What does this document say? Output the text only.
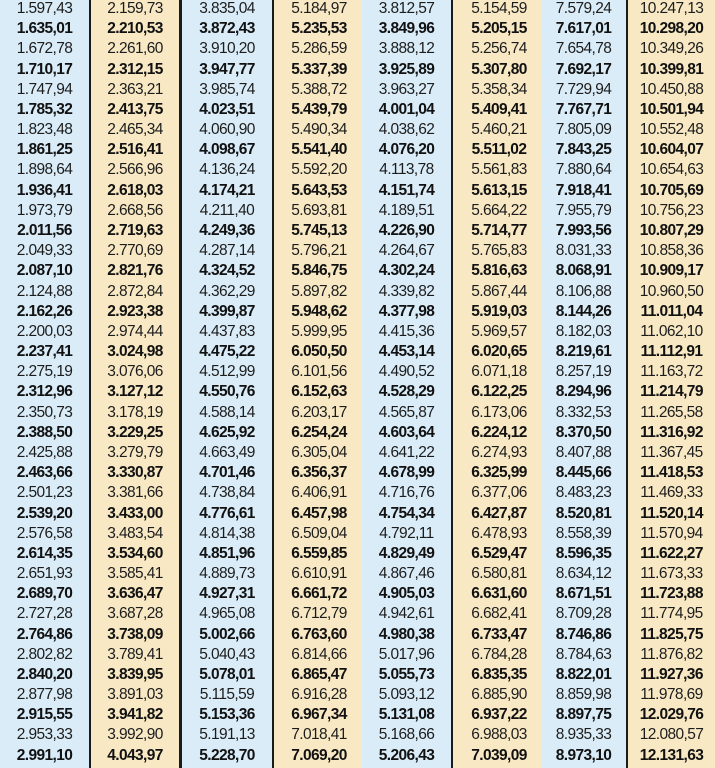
1.597,43
1.635,01
1.672,78
1.710,17
1.747,94
1.785,32
1.823,48
1.861,25
1.898,64
1.936,41
1.973,79
2.011,56
2.049,33
2.087,10
2.124,88
2.162,26
2.200,03
2.237,41
2.275,19
2.312,96
2.350,73
2.388,50
2.425,88
2.463,66
2.501,23
2.539,20
2.576,58
2.614,35
2.651,93
2.689,70
2.727,28
2.764,86
2.802,82
2.840,20
2.877,98
2.915,55
2.953,33
2.991,10
2.159,73
2.210,53
2.261,60
2.312,15
2.363,21
2.413,75
2.465,34
2.516,41
2.566,96
2.618,03
2.668,56
2.719,63
2.770,69
2.821,76
2.872,84
2.923,38
2.974,44
3.024,98
3.076,06
3.127,12
3.178,19
3.229,25
3.279,79
3.330,87
3.381,66
3.433,00
3.483,54
3.534,60
3.585,41
3.636,47
3.687,28
3.738,09
3.789,41
3.839,95
3.891,03
3.941,82
3.992,90
4.043,97
3.835,04
3.872,43
3.910,20
3.947,77
3.985,74
4.023,51
4.060,90
4.098,67
4.136,24
4.174,21
4.211,40
4.249,36
4.287,14
4.324,52
4.362,29
4.399,87
4.437,83
4.475,22
4.512,99
4.550,76
4.588,14
4.625,92
4.663,49
4.701,46
4.738,84
4.776,61
4.814,38
4.851,96
4.889,73
4.927,31
4.965,08
5.002,66
5.040,43
5.078,01
5.115,59
5.153,36
5.191,13
5.228,70
5.184,97
5.235,53
5.286,59
5.337,39
5.388,72
5.439,79
5.490,34
5.541,40
5.592,20
5.643,53
5.693,81
5.745,13
5.796,21
5.846,75
5.897,82
5.948,62
5.999,95
6.050,50
6.101,56
6.152,63
6.203,17
6.254,24
6.305,04
6.356,37
6.406,91
6.457,98
6.509,04
6.559,85
6.610,91
6.661,72
6.712,79
6.763,60
6.814,66
6.865,47
6.916,28
6.967,34
7.018,41
7.069,20
3.812,57
3.849,96
3.888,12
3.925,89
3.963,27
4.001,04
4.038,62
4.076,20
4.113,78
4.151,74
4.189,51
4.226,90
4.264,67
4.302,24
4.339,82
4.377,98
4.415,36
4.453,14
4.490,52
4.528,29
4.565,87
4.603,64
4.641,22
4.678,99
4.716,76
4.754,34
4.792,11
4.829,49
4.867,46
4.905,03
4.942,61
4.980,38
5.017,96
5.055,73
5.093,12
5.131,08
5.168,66
5.206,43
5.154,59
5.205,15
5.256,74
5.307,80
5.358,34
5.409,41
5.460,21
5.511,02
5.561,83
5.613,15
5.664,22
5.714,77
5.765,83
5.816,63
5.867,44
5.919,03
5.969,57
6.020,65
6.071,18
6.122,25
6.173,06
6.224,12
6.274,93
6.325,99
6.377,06
6.427,87
6.478,93
6.529,47
6.580,81
6.631,60
6.682,41
6.733,47
6.784,28
6.835,35
6.885,90
6.937,22
6.988,03
7.039,09
7.579,24
7.617,01
7.654,78
7.692,17
7.729,94
7.767,71
7.805,09
7.843,25
7.880,64
7.918,41
7.955,79
7.993,56
8.031,33
8.068,91
8.106,88
8.144,26
8.182,03
8.219,61
8.257,19
8.294,96
8.332,53
8.370,50
8.407,88
8.445,66
8.483,23
8.520,81
8.558,39
8.596,35
8.634,12
8.671,51
8.709,28
8.746,86
8.784,63
8.822,01
8.859,98
8.897,75
8.935,33
8.973,10
10.247,13
10.298,20
10.349,26
10.399,81
10.450,88
10.501,94
10.552,48
10.604,07
10.654,63
10.705,69
10.756,23
10.807,29
10.858,36
10.909,17
10.960,50
11.011,04
11.062,10
11.112,91
11.163,72
11.214,79
11.265,58
11.316,92
11.367,45
11.418,53
11.469,33
11.520,14
11.570,94
11.622,27
11.673,33
11.723,88
11.774,95
11.825,75
11.876,82
11.927,36
11.978,69
12.029,76
12.080,57
12.131,63
